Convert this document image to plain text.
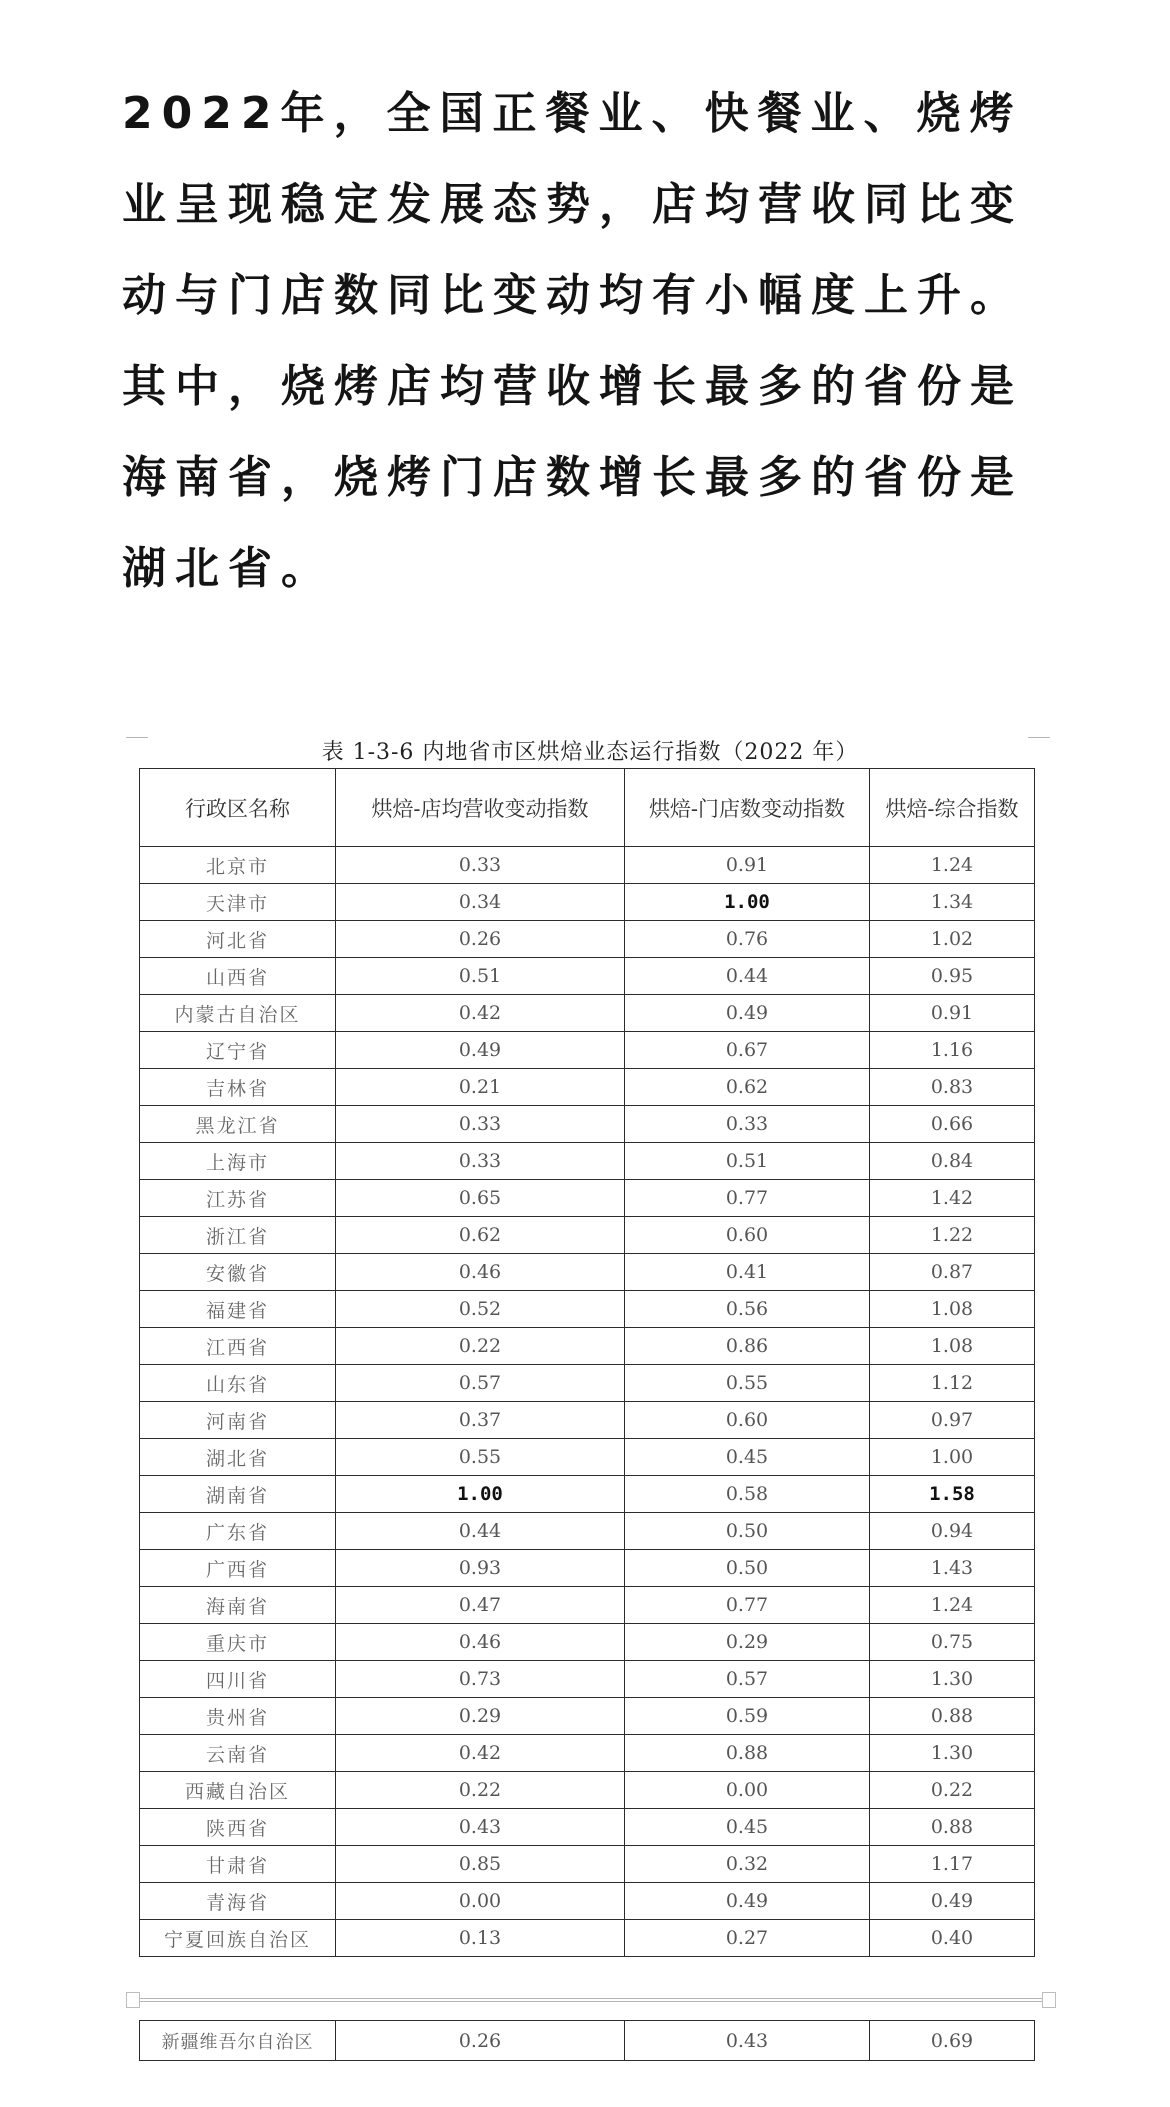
2022年，全国正餐业、快餐业、烧烤业呈现稳定发展态势，店均营收同比变动与门店数同比变动均有小幅度上升。其中，烧烤店均营收增长最多的省份是海南省，烧烤门店数增长最多的省份是湖北省。

表 1-3-6 内地省市区烘焙业态运行指数（2022 年）
行政区名称	烘焙-店均营收变动指数	烘焙-门店数变动指数	烘焙-综合指数
北京市	0.33	0.91	1.24
天津市	0.34	1.00	1.34
河北省	0.26	0.76	1.02
山西省	0.51	0.44	0.95
内蒙古自治区	0.42	0.49	0.91
辽宁省	0.49	0.67	1.16
吉林省	0.21	0.62	0.83
黑龙江省	0.33	0.33	0.66
上海市	0.33	0.51	0.84
江苏省	0.65	0.77	1.42
浙江省	0.62	0.60	1.22
安徽省	0.46	0.41	0.87
福建省	0.52	0.56	1.08
江西省	0.22	0.86	1.08
山东省	0.57	0.55	1.12
河南省	0.37	0.60	0.97
湖北省	0.55	0.45	1.00
湖南省	1.00	0.58	1.58
广东省	0.44	0.50	0.94
广西省	0.93	0.50	1.43
海南省	0.47	0.77	1.24
重庆市	0.46	0.29	0.75
四川省	0.73	0.57	1.30
贵州省	0.29	0.59	0.88
云南省	0.42	0.88	1.30
西藏自治区	0.22	0.00	0.22
陕西省	0.43	0.45	0.88
甘肃省	0.85	0.32	1.17
青海省	0.00	0.49	0.49
宁夏回族自治区	0.13	0.27	0.40
新疆维吾尔自治区	0.26	0.43	0.69
